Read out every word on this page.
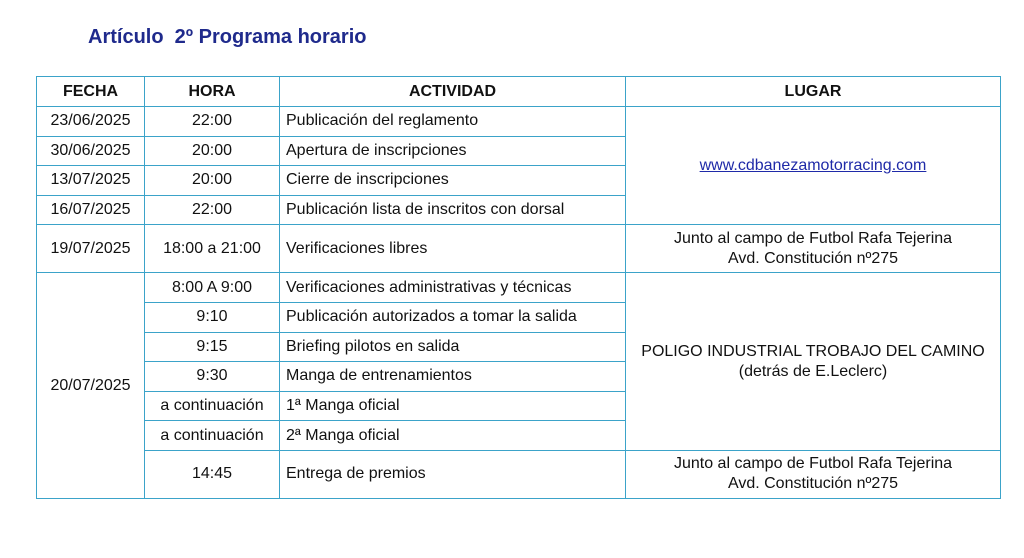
Artículo  2º Programa horario
FECHA	HORA	ACTIVIDAD	LUGAR
23/06/2025	22:00	Publicación del reglamento	www.cdbanezamotorracing.com
30/06/2025	20:00	Apertura de inscripciones	
13/07/2025	20:00	Cierre de inscripciones	
16/07/2025	22:00	Publicación lista de inscritos con dorsal	
19/07/2025	18:00 a 21:00	Verificaciones libres	Junto al campo de Futbol Rafa Tejerina
Avd. Constitución nº275

20/07/2025	8:00 A 9:00	Verificaciones administrativas y técnicas	POLIGO INDUSTRIAL TROBAJO DEL CAMINO
(detrás de E.Leclerc)

	9:10	Publicación autorizados a tomar la salida	
	9:15	Briefing pilotos en salida	
	9:30	Manga de entrenamientos	
	a continuación	1ª Manga oficial	
	a continuación	2ª Manga oficial	
	14:45	Entrega de premios	Junto al campo de Futbol Rafa Tejerina
Avd. Constitución nº275
